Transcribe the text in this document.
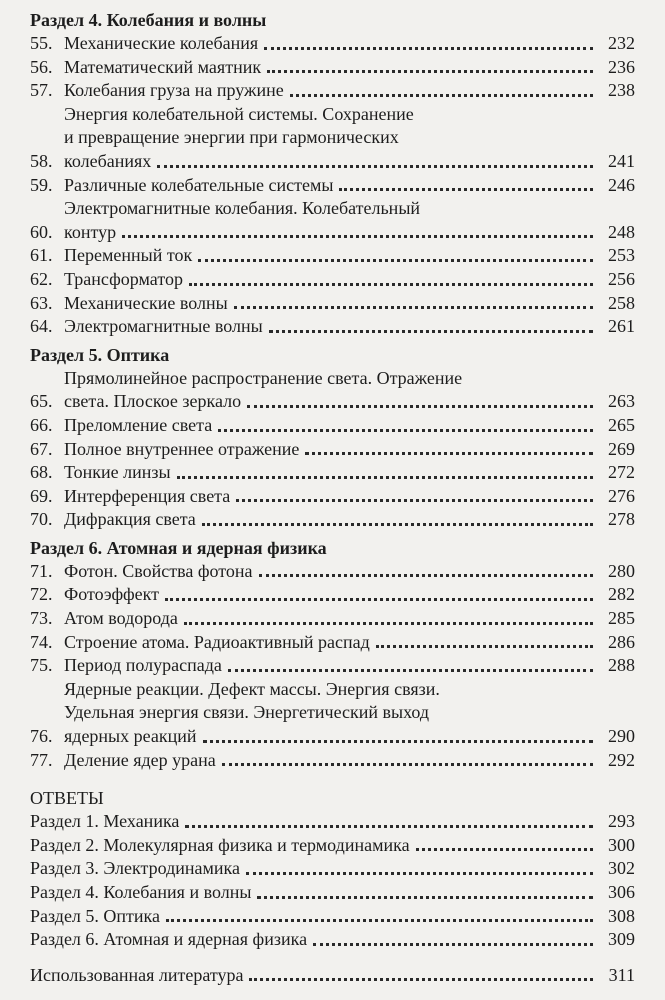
Раздел 4. Колебания и волны
55. Механические колебания	232
56. Математический маятник	236
57. Колебания груза на пружине	238
58.
Энергия колебательной системы. Сохранение
и превращение энергии при гармонических
колебаниях	241
59. Различные колебательные системы	246
60.
Электромагнитные колебания. Колебательный
контур	248
61. Переменный ток	253
62. Трансформатор	256
63. Механические волны	258
64. Электромагнитные волны	261
Раздел 5. Оптика
65.
Прямолинейное распространение света. Отражение
света. Плоское зеркало	263
66. Преломление света	265
67. Полное внутреннее отражение	269
68. Тонкие линзы	272
69. Интерференция света	276
70. Дифракция света	278
Раздел 6. Атомная и ядерная физика
71. Фотон. Свойства фотона	280
72. Фотоэффект	282
73. Атом водорода	285
74. Строение атома. Радиоактивный распад	286
75. Период полураспада	288
76.
Ядерные реакции. Дефект массы. Энергия связи.
Удельная энергия связи. Энергетический выход
ядерных реакций	290
77. Деление ядер урана	292
ОТВЕТЫ
Раздел 1. Механика	293
Раздел 2. Молекулярная физика и термодинамика	300
Раздел 3. Электродинамика	302
Раздел 4. Колебания и волны	306
Раздел 5. Оптика	308
Раздел 6. Атомная и ядерная физика	309
Использованная литература	311
